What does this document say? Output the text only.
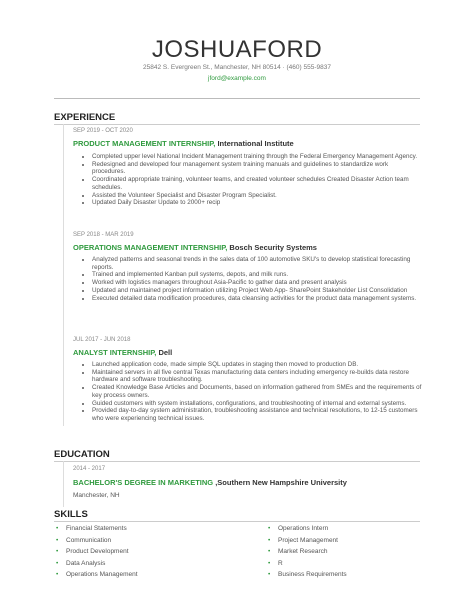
JOSHUAFORD
25842 S. Evergreen St., Manchester, NH 80514 · (460) 555-9837
jford@example.com
EXPERIENCE
SEP 2019 - OCT 2020
PRODUCT MANAGEMENT INTERNSHIP, International Institute
• Completed upper level National Incident Management training through the Federal Emergency Management Agency.
• Redesigned and developed four management system training manuals and guidelines to standardize work procedures.
• Coordinated appropriate training, volunteer teams, and created volunteer schedules Created Disaster Action team schedules.
• Assisted the Volunteer Specialist and Disaster Program Specialist.
• Updated Daily Disaster Update to 2000+ recip
SEP 2018 - MAR 2019
OPERATIONS MANAGEMENT INTERNSHIP, Bosch Security Systems
• Analyzed patterns and seasonal trends in the sales data of 100 automotive SKU's to develop statistical forecasting reports.
• Trained and implemented Kanban pull systems, depots, and milk runs.
• Worked with logistics managers throughout Asia-Pacific to gather data and present analysis
• Updated and maintained project information utilizing Project Web App- SharePoint Stakeholder List Consolidation
• Executed detailed data modification procedures, data cleansing activities for the product data management systems.
JUL 2017 - JUN 2018
ANALYST INTERNSHIP, Dell
• Launched application code, made simple SQL updates in staging then moved to production DB.
• Maintained servers in all five central Texas manufacturing data centers including emergency re-builds data restore hardware and software troubleshooting.
• Created Knowledge Base Articles and Documents, based on information gathered from SMEs and the requirements of key process owners.
• Guided customers with system installations, configurations, and troubleshooting of internal and external systems.
• Provided day-to-day system administration, troubleshooting assistance and technical resolutions, to 12-15 customers who were experiencing technical issues.
EDUCATION
2014 - 2017
BACHELOR'S DEGREE IN MARKETING ,Southern New Hampshire University
Manchester, NH
SKILLS
• Financial Statements
• Communication
• Product Development
• Data Analysis
• Operations Management
• Operations Intern
• Project Management
• Market Research
• R
• Business Requirements
